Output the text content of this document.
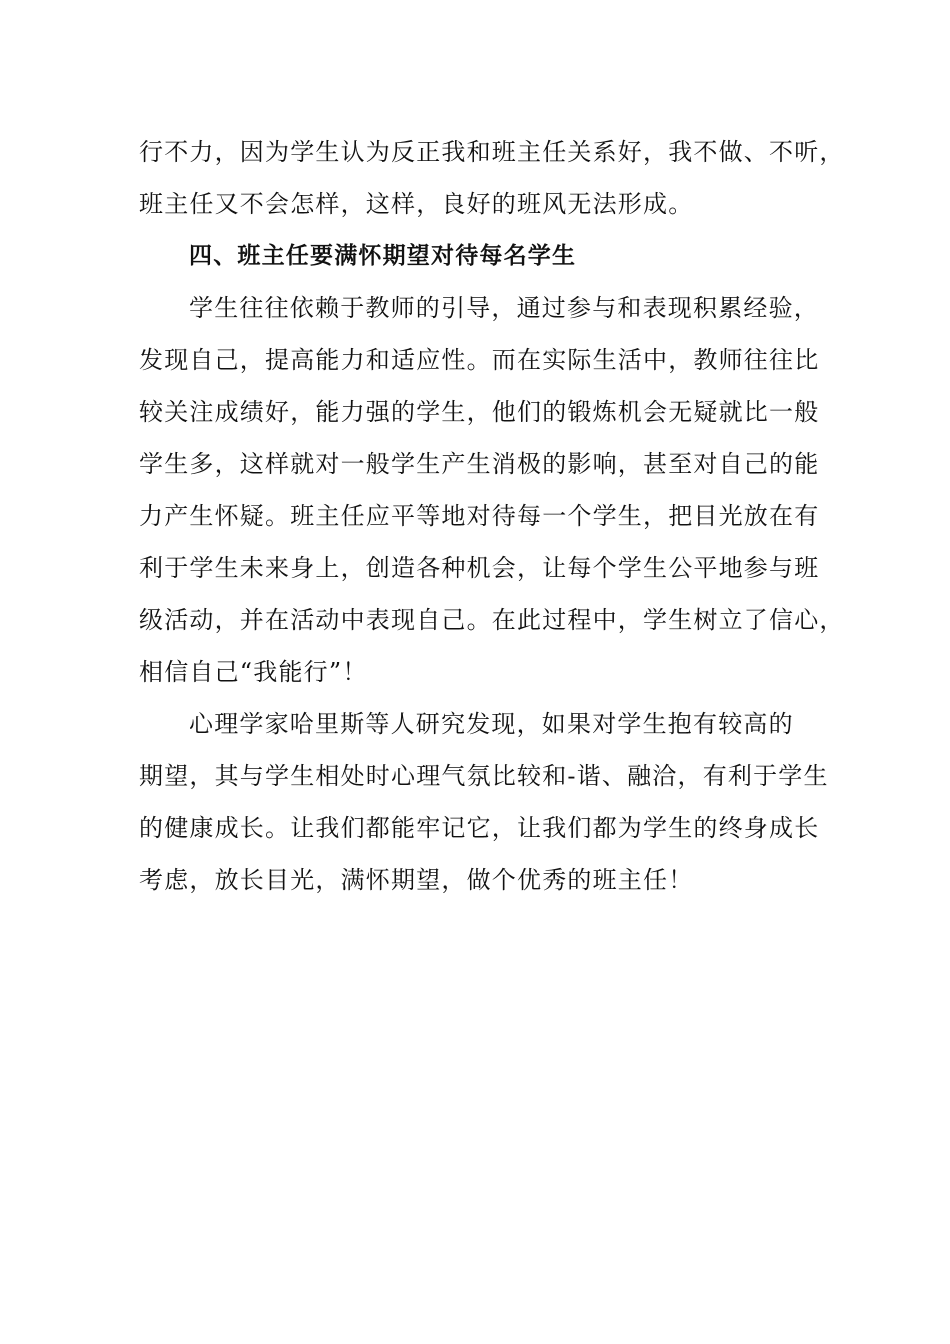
行不力，因为学生认为反正我和班主任关系好，我不做、不听，
班主任又不会怎样，这样，良好的班风无法形成。
四、班主任要满怀期望对待每名学生
学生往往依赖于教师的引导，通过参与和表现积累经验，
发现自己，提高能力和适应性。而在实际生活中，教师往往比
较关注成绩好，能力强的学生，他们的锻炼机会无疑就比一般
学生多，这样就对一般学生产生消极的影响，甚至对自己的能
力产生怀疑。班主任应平等地对待每一个学生，把目光放在有
利于学生未来身上，创造各种机会，让每个学生公平地参与班
级活动，并在活动中表现自己。在此过程中，学生树立了信心，
相信自己“我能行”！
心理学家哈里斯等人研究发现，如果对学生抱有较高的
期望，其与学生相处时心理气氛比较和-谐、融洽，有利于学生
的健康成长。让我们都能牢记它，让我们都为学生的终身成长
考虑，放长目光，满怀期望，做个优秀的班主任！
